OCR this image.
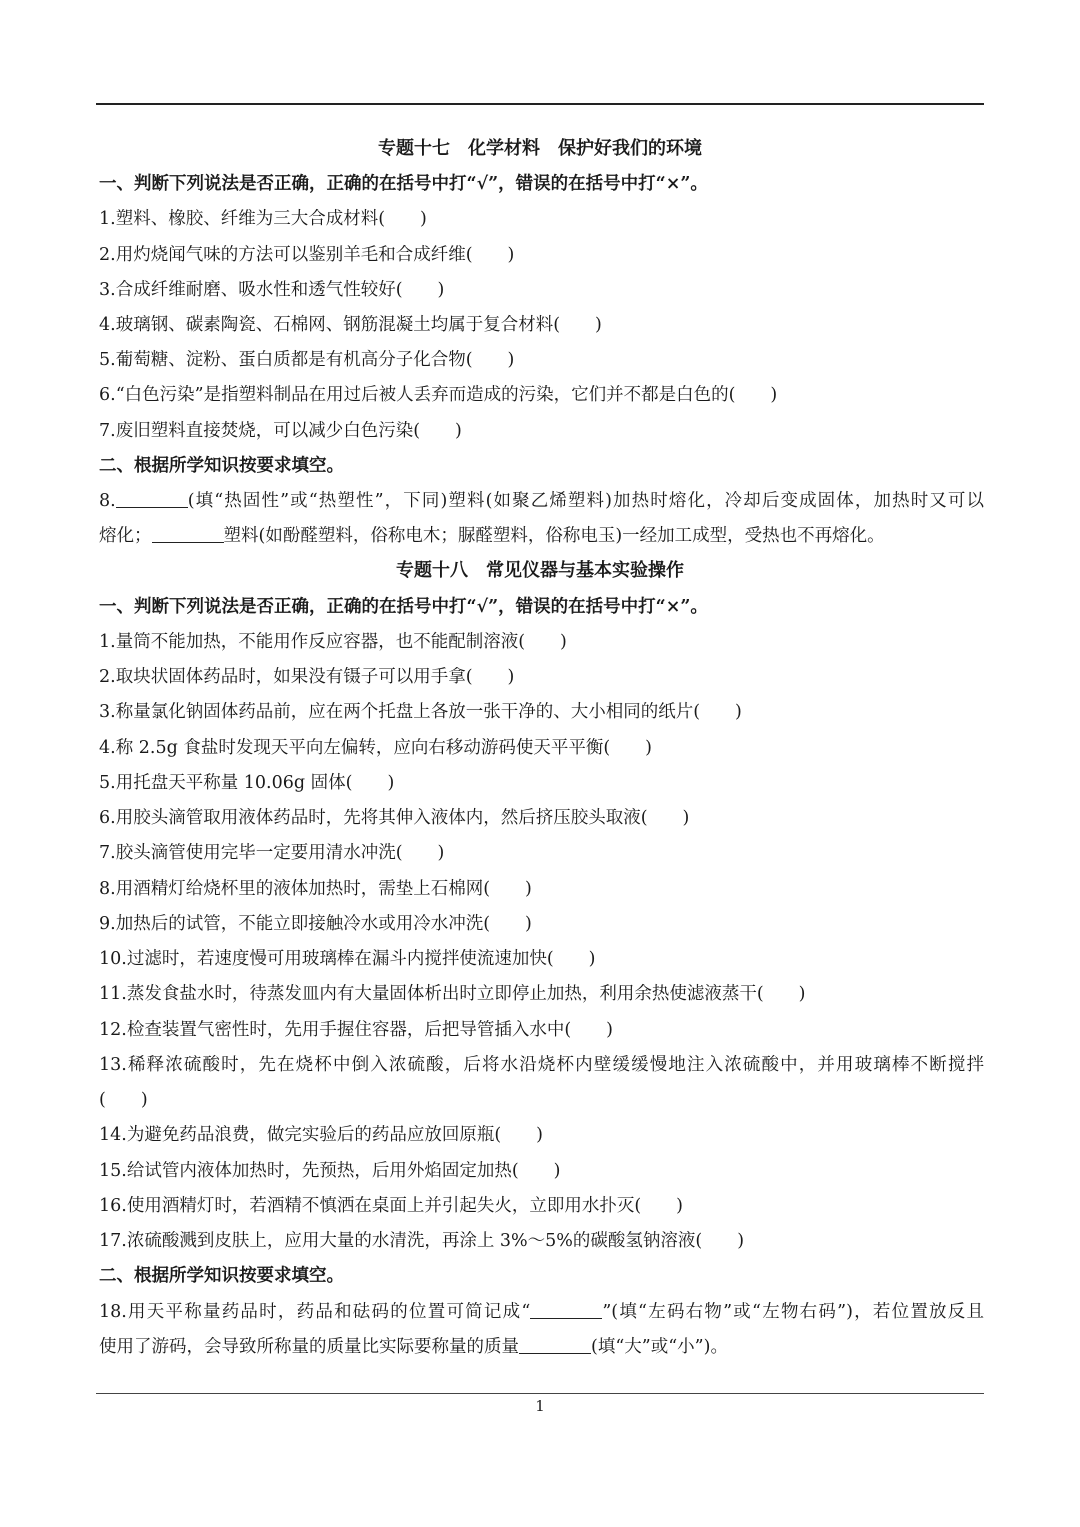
专题十七　化学材料　保护好我们的环境
一、判断下列说法是否正确，正确的在括号中打“√”，错误的在括号中打“×”。
1.塑料、橡胶、纤维为三大合成材料(　　)
2.用灼烧闻气味的方法可以鉴别羊毛和合成纤维(　　)
3.合成纤维耐磨、吸水性和透气性较好(　　)
4.玻璃钢、碳素陶瓷、石棉网、钢筋混凝土均属于复合材料(　　)
5.葡萄糖、淀粉、蛋白质都是有机高分子化合物(　　)
6.“白色污染”是指塑料制品在用过后被人丢弃而造成的污染，它们并不都是白色的(　　)
7.废旧塑料直接焚烧，可以减少白色污染(　　)
二、根据所学知识按要求填空。
8.	(填“热固性”或“热塑性”，下同)塑料(如聚乙烯塑料)加热时熔化，冷却后变成固体，加热时又可以
熔化；	塑料(如酚醛塑料，俗称电木；脲醛塑料，俗称电玉)一经加工成型，受热也不再熔化。
专题十八　常见仪器与基本实验操作
一、判断下列说法是否正确，正确的在括号中打“√”，错误的在括号中打“×”。
1.量筒不能加热，不能用作反应容器，也不能配制溶液(　　)
2.取块状固体药品时，如果没有镊子可以用手拿(　　)
3.称量氯化钠固体药品前，应在两个托盘上各放一张干净的、大小相同的纸片(　　)
4.称 2.5g 食盐时发现天平向左偏转，应向右移动游码使天平平衡(　　)
5.用托盘天平称量 10.06g 固体(　　)
6.用胶头滴管取用液体药品时，先将其伸入液体内，然后挤压胶头取液(　　)
7.胶头滴管使用完毕一定要用清水冲洗(　　)
8.用酒精灯给烧杯里的液体加热时，需垫上石棉网(　　)
9.加热后的试管，不能立即接触冷水或用冷水冲洗(　　)
10.过滤时，若速度慢可用玻璃棒在漏斗内搅拌使流速加快(　　)
11.蒸发食盐水时，待蒸发皿内有大量固体析出时立即停止加热，利用余热使滤液蒸干(　　)
12.检查装置气密性时，先用手握住容器，后把导管插入水中(　　)
13.稀释浓硫酸时，先在烧杯中倒入浓硫酸，后将水沿烧杯内壁缓缓慢地注入浓硫酸中，并用玻璃棒不断搅拌
(　　)
14.为避免药品浪费，做完实验后的药品应放回原瓶(　　)
15.给试管内液体加热时，先预热，后用外焰固定加热(　　)
16.使用酒精灯时，若酒精不慎洒在桌面上并引起失火，立即用水扑灭(　　)
17.浓硫酸溅到皮肤上，应用大量的水清洗，再涂上 3%～5%的碳酸氢钠溶液(　　)
二、根据所学知识按要求填空。
18.用天平称量药品时，药品和砝码的位置可简记成“	”(填“左码右物”或“左物右码”)，若位置放反且
使用了游码，会导致所称量的质量比实际要称量的质量	(填“大”或“小”)。
1
